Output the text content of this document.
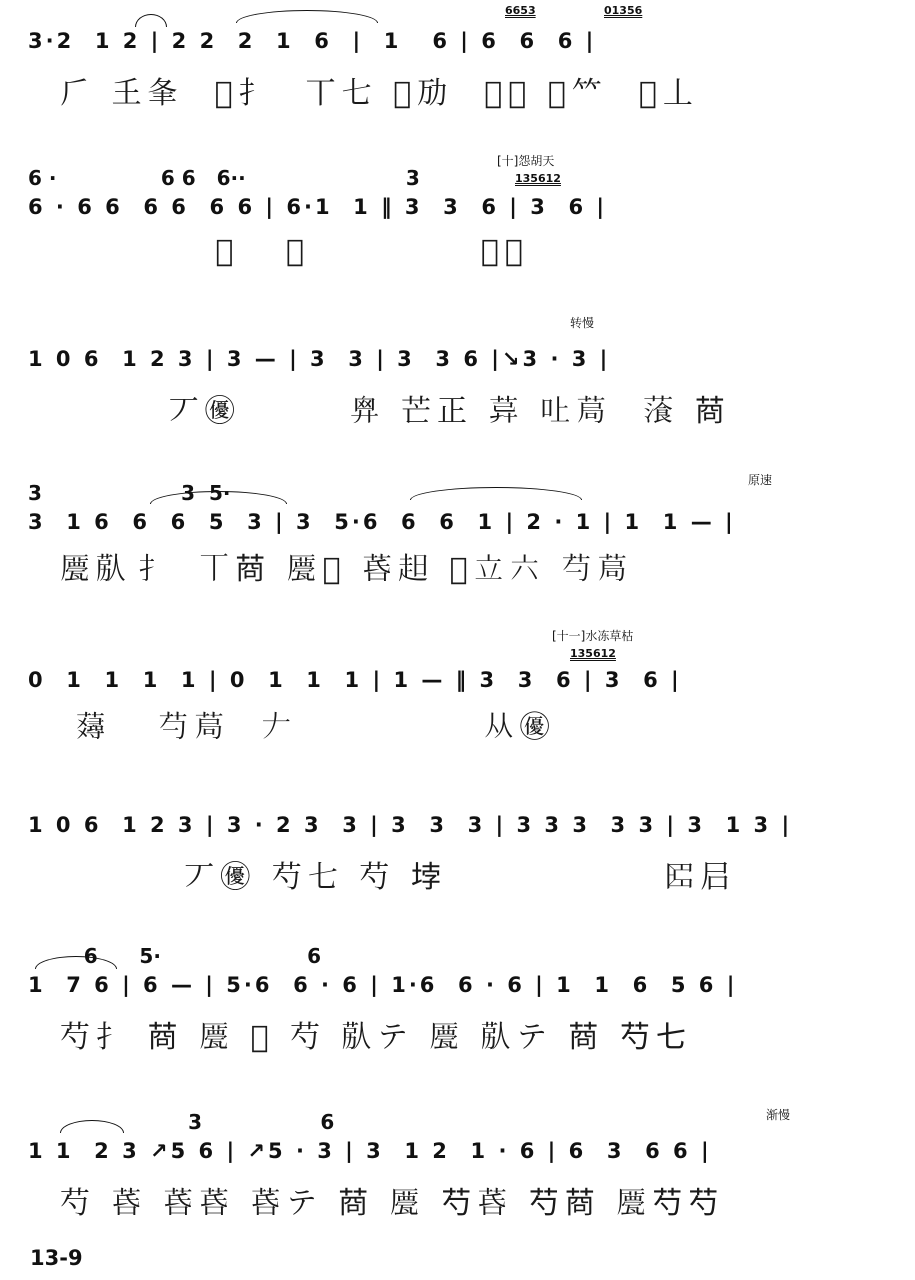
6653	01356
3·2  1 2 | 2 2  2  1  6  |  1   6 | 6  6  6 |
𠂆 𡈼夆  𢈭扌  丅七 𢎗劢  𦭦𠫔 𦯚𥫗  𡕒丄
[十]怨胡天
135612
6 ·               6 6   6··                       3
6 · 6 6  6 6  6 6 | 6·1  1 ‖ 3  3  6 | 3  6 |
𦴾   𠂔           从㊝
转慢
1 0 6  1 2 3 | 3 — | 3  3 | 3  3 6 |↘3 · 3 |
丆㊝       𢍙 芒正 𦯸 𠮵𦯃  𦻂 𦯶
原速
3                    3  5·
3  1 6  6  6  5  3 | 3  5·6  6  6  1 | 2 · 1 | 1  1 — |
𠪹𦯴扌  丅𦯶 𠪹𦷭 𦯚𧺝 𡉇立六 芍𦯃
[十一]水冻草枯
135612
0  1  1  1  1 | 0  1  1  1 | 1 — ‖ 3  3  6 | 3  6 |
𧂇   芍𦯃  𠂇            从㊝
1 0 6  1 2 3 | 3 · 2 3  3 | 3  3  3 | 3 3 3  3 3 | 3  1 3 |
丆㊝ 芍七 芍 𡋯              𠥓𡰪
6      5·                     6
1  7 6 | 6 — | 5·6  6 · 6 | 1·6  6 · 6 | 1  1  6  5 6 |
芍扌 𦯶 𠪹 𦷭 芍 𦯴テ 𠪹 𦯴テ 𦯶 芍七
渐慢
3                 6
1 1  2 3 ↗5 6 | ↗5 · 3 | 3  1 2  1 · 6 | 6  3  6 6 |
芍 𦯚 𦯚𦯚 𦯚テ 𦯶 𠪹 芍𦯚 芍𦯶 𠪹芍芍
13-9
